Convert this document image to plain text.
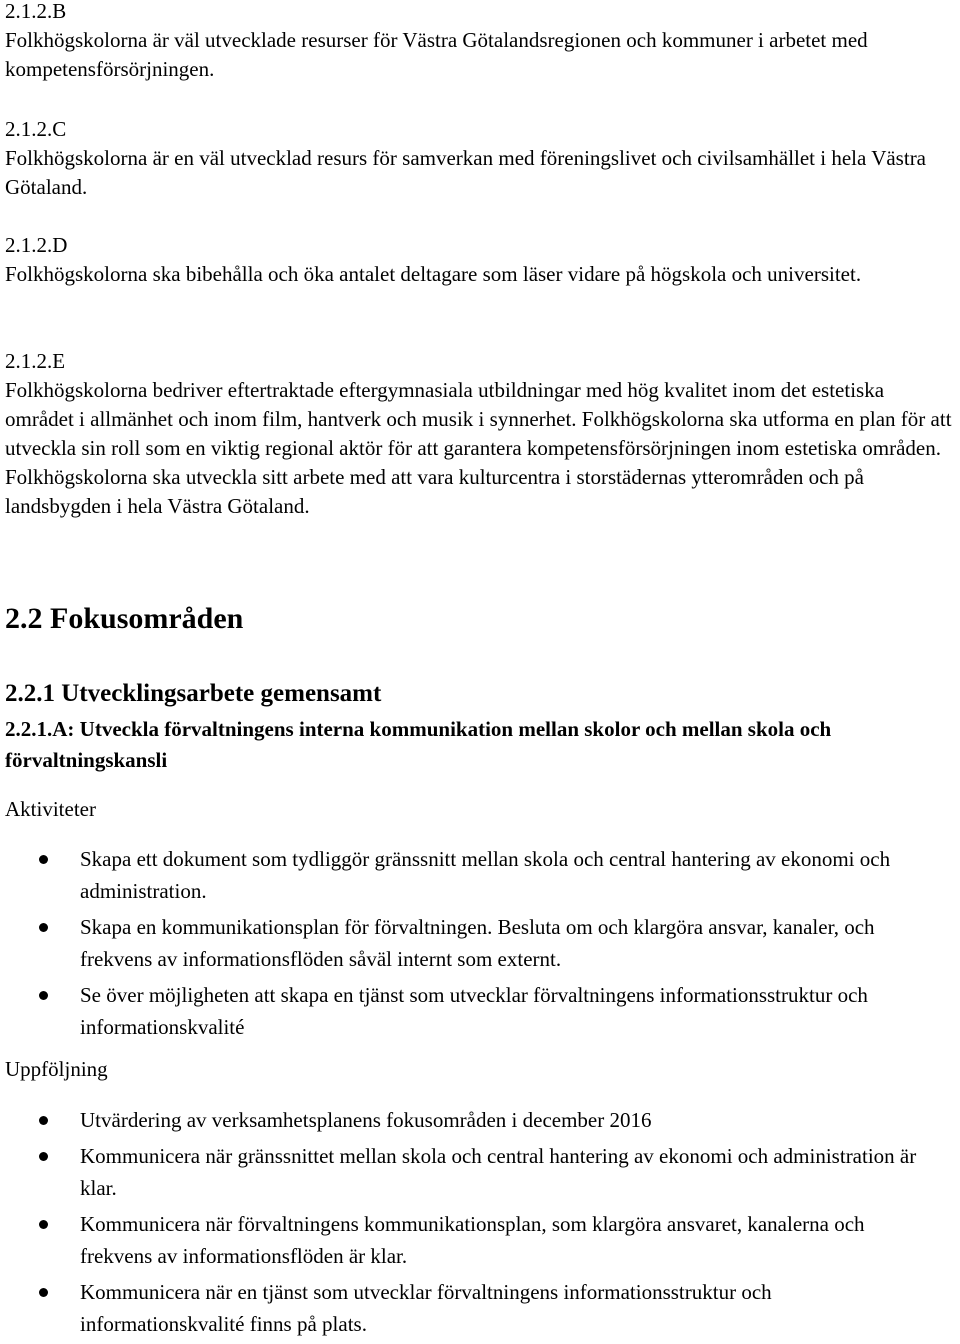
2.1.2.B
Folkhögskolorna är väl utvecklade resurser för Västra Götalandsregionen och kommuner i arbetet med kompetensförsörjningen.
2.1.2.C
Folkhögskolorna är en väl utvecklad resurs för samverkan med föreningslivet och civilsamhället i hela Västra Götaland.
2.1.2.D
Folkhögskolorna ska bibehålla och öka antalet deltagare som läser vidare på högskola och universitet.
2.1.2.E
Folkhögskolorna bedriver eftertraktade eftergymnasiala utbildningar med hög kvalitet inom det estetiska området i allmänhet och inom film, hantverk och musik i synnerhet. Folkhögskolorna ska utforma en plan för att utveckla sin roll som en viktig regional aktör för att garantera kompetensförsörjningen inom estetiska områden. Folkhögskolorna ska utveckla sitt arbete med att vara kulturcentra i storstädernas ytterområden och på landsbygden i hela Västra Götaland.
2.2 Fokusområden
2.2.1 Utvecklingsarbete gemensamt
2.2.1.A: Utveckla förvaltningens interna kommunikation mellan skolor och mellan skola och förvaltningskansli

Aktiviteter

Skapa ett dokument som tydliggör gränssnitt mellan skola och central hantering av ekonomi och administration.
Skapa en kommunikationsplan för förvaltningen. Besluta om och klargöra ansvar, kanaler, och frekvens av informationsflöden såväl internt som externt.
Se över möjligheten att skapa en tjänst som utvecklar förvaltningens informationsstruktur och informationskvalité

Uppföljning

Utvärdering av verksamhetsplanens fokusområden i december 2016
Kommunicera när gränssnittet mellan skola och central hantering av ekonomi och administration är klar.
Kommunicera när förvaltningens kommunikationsplan, som klargöra ansvaret, kanalerna och frekvens av informationsflöden är klar.
Kommunicera när en tjänst som utvecklar förvaltningens informationsstruktur och informationskvalité finns på plats.
